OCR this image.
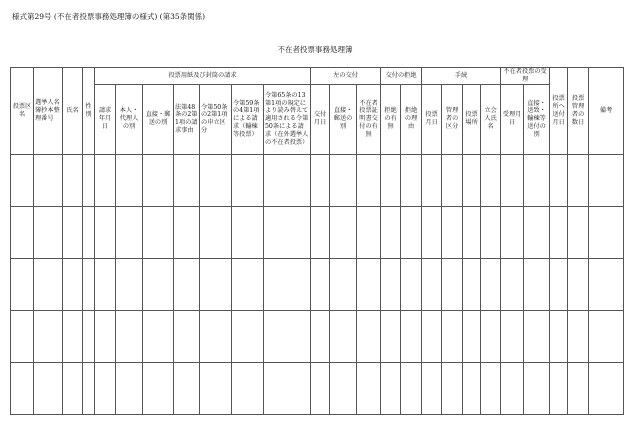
様式第29号 (不在者投票事務処理簿の様式) (第35条関係)
不在者投票事務処理簿
投票区名	選挙人名簿抄本整理番号	氏名	性別	投票用紙及び封筒の請求							左の交付			交付の拒絶		手続				不在者投票の受理		投票所へ送付月日	投票管理者の数日	備考
				請求年月日	本人・代理人の別	直接・郵送の別	法第48条の2第1項の請求事由	令第50条の2第1項の申立区分	令第59条の4第1項による請求（輸棟等投票）	令第65条の13第1項の規定により読み替えて適用される令第50条による請求（在外選挙人の不在者投票）	交付月日	直接・郵送の別	不在者投票証明書交付の有無	拒絶の有無	拒絶の理由	投票月日	管理者の区分	投票場所	立会人氏名	受理月日	直接・送致・輸棟等送付の別			
